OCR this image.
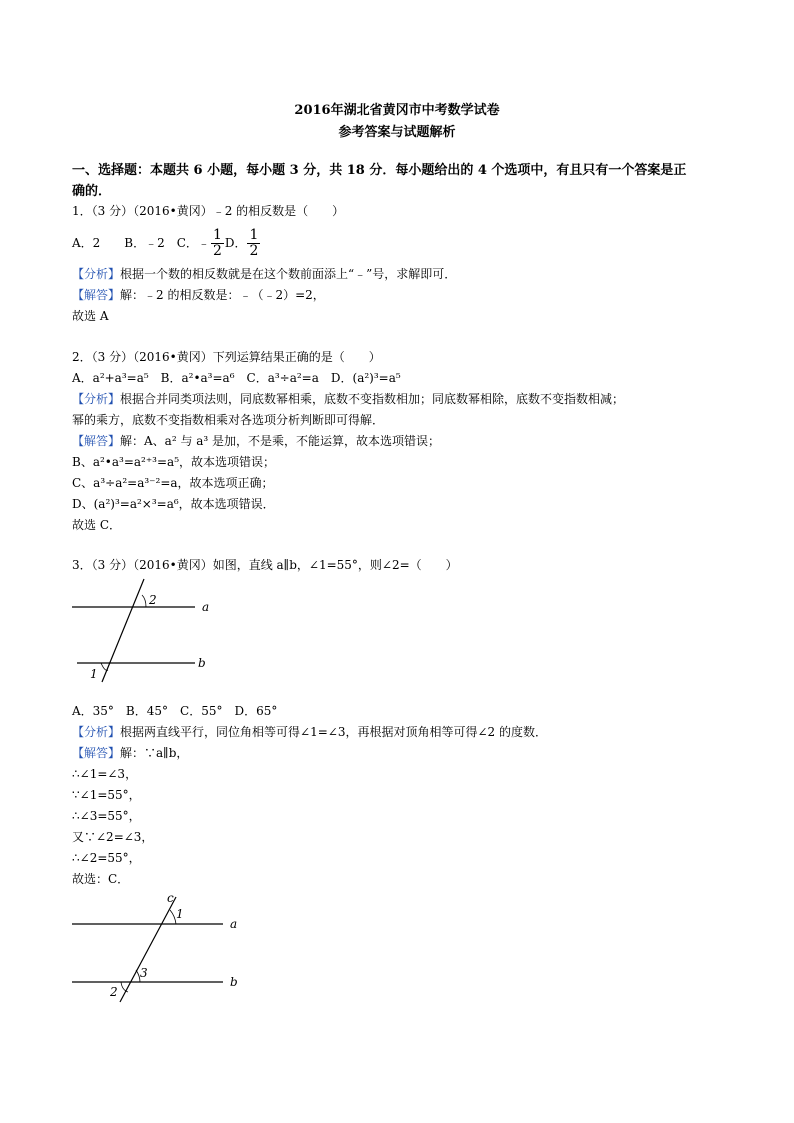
2016年湖北省黄冈市中考数学试卷
参考答案与试题解析
一、选择题：本题共 6 小题，每小题 3 分，共 18 分．每小题给出的 4 个选项中，有且只有一个答案是正
确的．
1．（3 分）（2016•黄冈）﹣2 的相反数是（　　）
A．2　　B．﹣2　C．﹣ $\frac{1}{2}$ D． $\frac{1}{2}$
【分析】根据一个数的相反数就是在这个数前面添上“﹣”号，求解即可．
【解答】解：﹣2 的相反数是：﹣（﹣2）=2，
故选 A
2．（3 分）（2016•黄冈）下列运算结果正确的是（　　）
A．a²+a³=a⁵　B．a²•a³=a⁶　C．a³÷a²=a　D．(a²)³=a⁵
【分析】根据合并同类项法则，同底数幂相乘，底数不变指数相加；同底数幂相除，底数不变指数相减；
幂的乘方，底数不变指数相乘对各选项分析判断即可得解．
【解答】解：A、a² 与 a³ 是加，不是乘，不能运算，故本选项错误；
B、a²•a³=a²⁺³=a⁵，故本选项错误；
C、a³÷a²=a³⁻²=a，故本选项正确；
D、(a²)³=a²×³=a⁶，故本选项错误．
故选 C．
3．（3 分）（2016•黄冈）如图，直线 a∥b，∠1=55°，则∠2=（　　）
2	a
b
1
A．35°　B．45°　C．55°　D．65°
【分析】根据两直线平行，同位角相等可得∠1=∠3，再根据对顶角相等可得∠2 的度数．
【解答】解：∵a∥b，
∴∠1=∠3，
∵∠1=55°，
∴∠3=55°，
又∵∠2=∠3，
∴∠2=55°，
故选：C．
c
1
a
3
b
2
